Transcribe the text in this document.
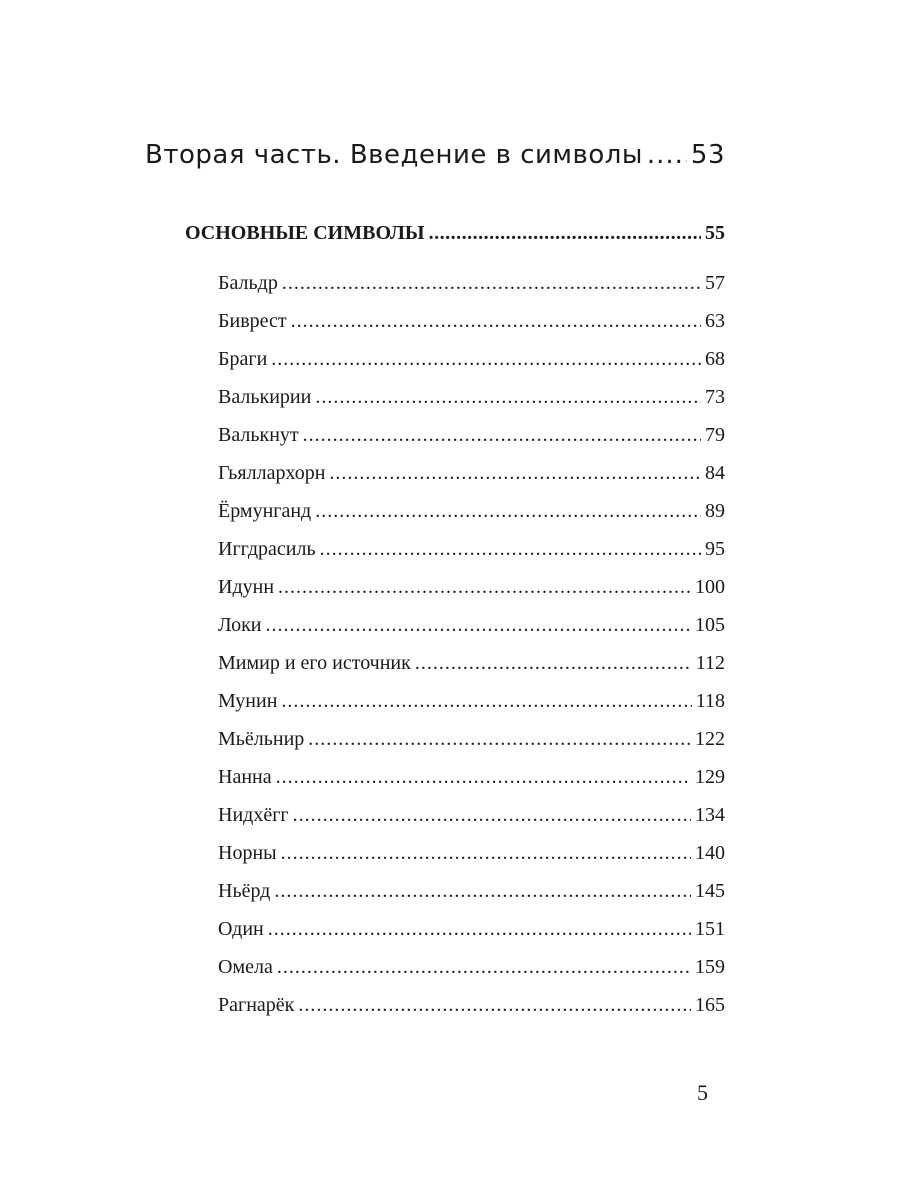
Вторая часть. Введение в символы ..... 53
ОСНОВНЫЕ СИМВОЛЫ .....	55
Бальдр .....	57
Биврест .....	63
Браги .....	68
Валькирии .....	73
Валькнут .....	79
Гьяллархорн .....	84
Ёрмунганд .....	89
Иггдрасиль .....	95
Идунн .....	100
Локи .....	105
Мимир и его источник .....	112
Мунин .....	118
Мьёльнир .....	122
Нанна .....	129
Нидхёгг .....	134
Норны .....	140
Ньёрд .....	145
Один .....	151
Омела .....	159
Рагнарёк .....	165
5
